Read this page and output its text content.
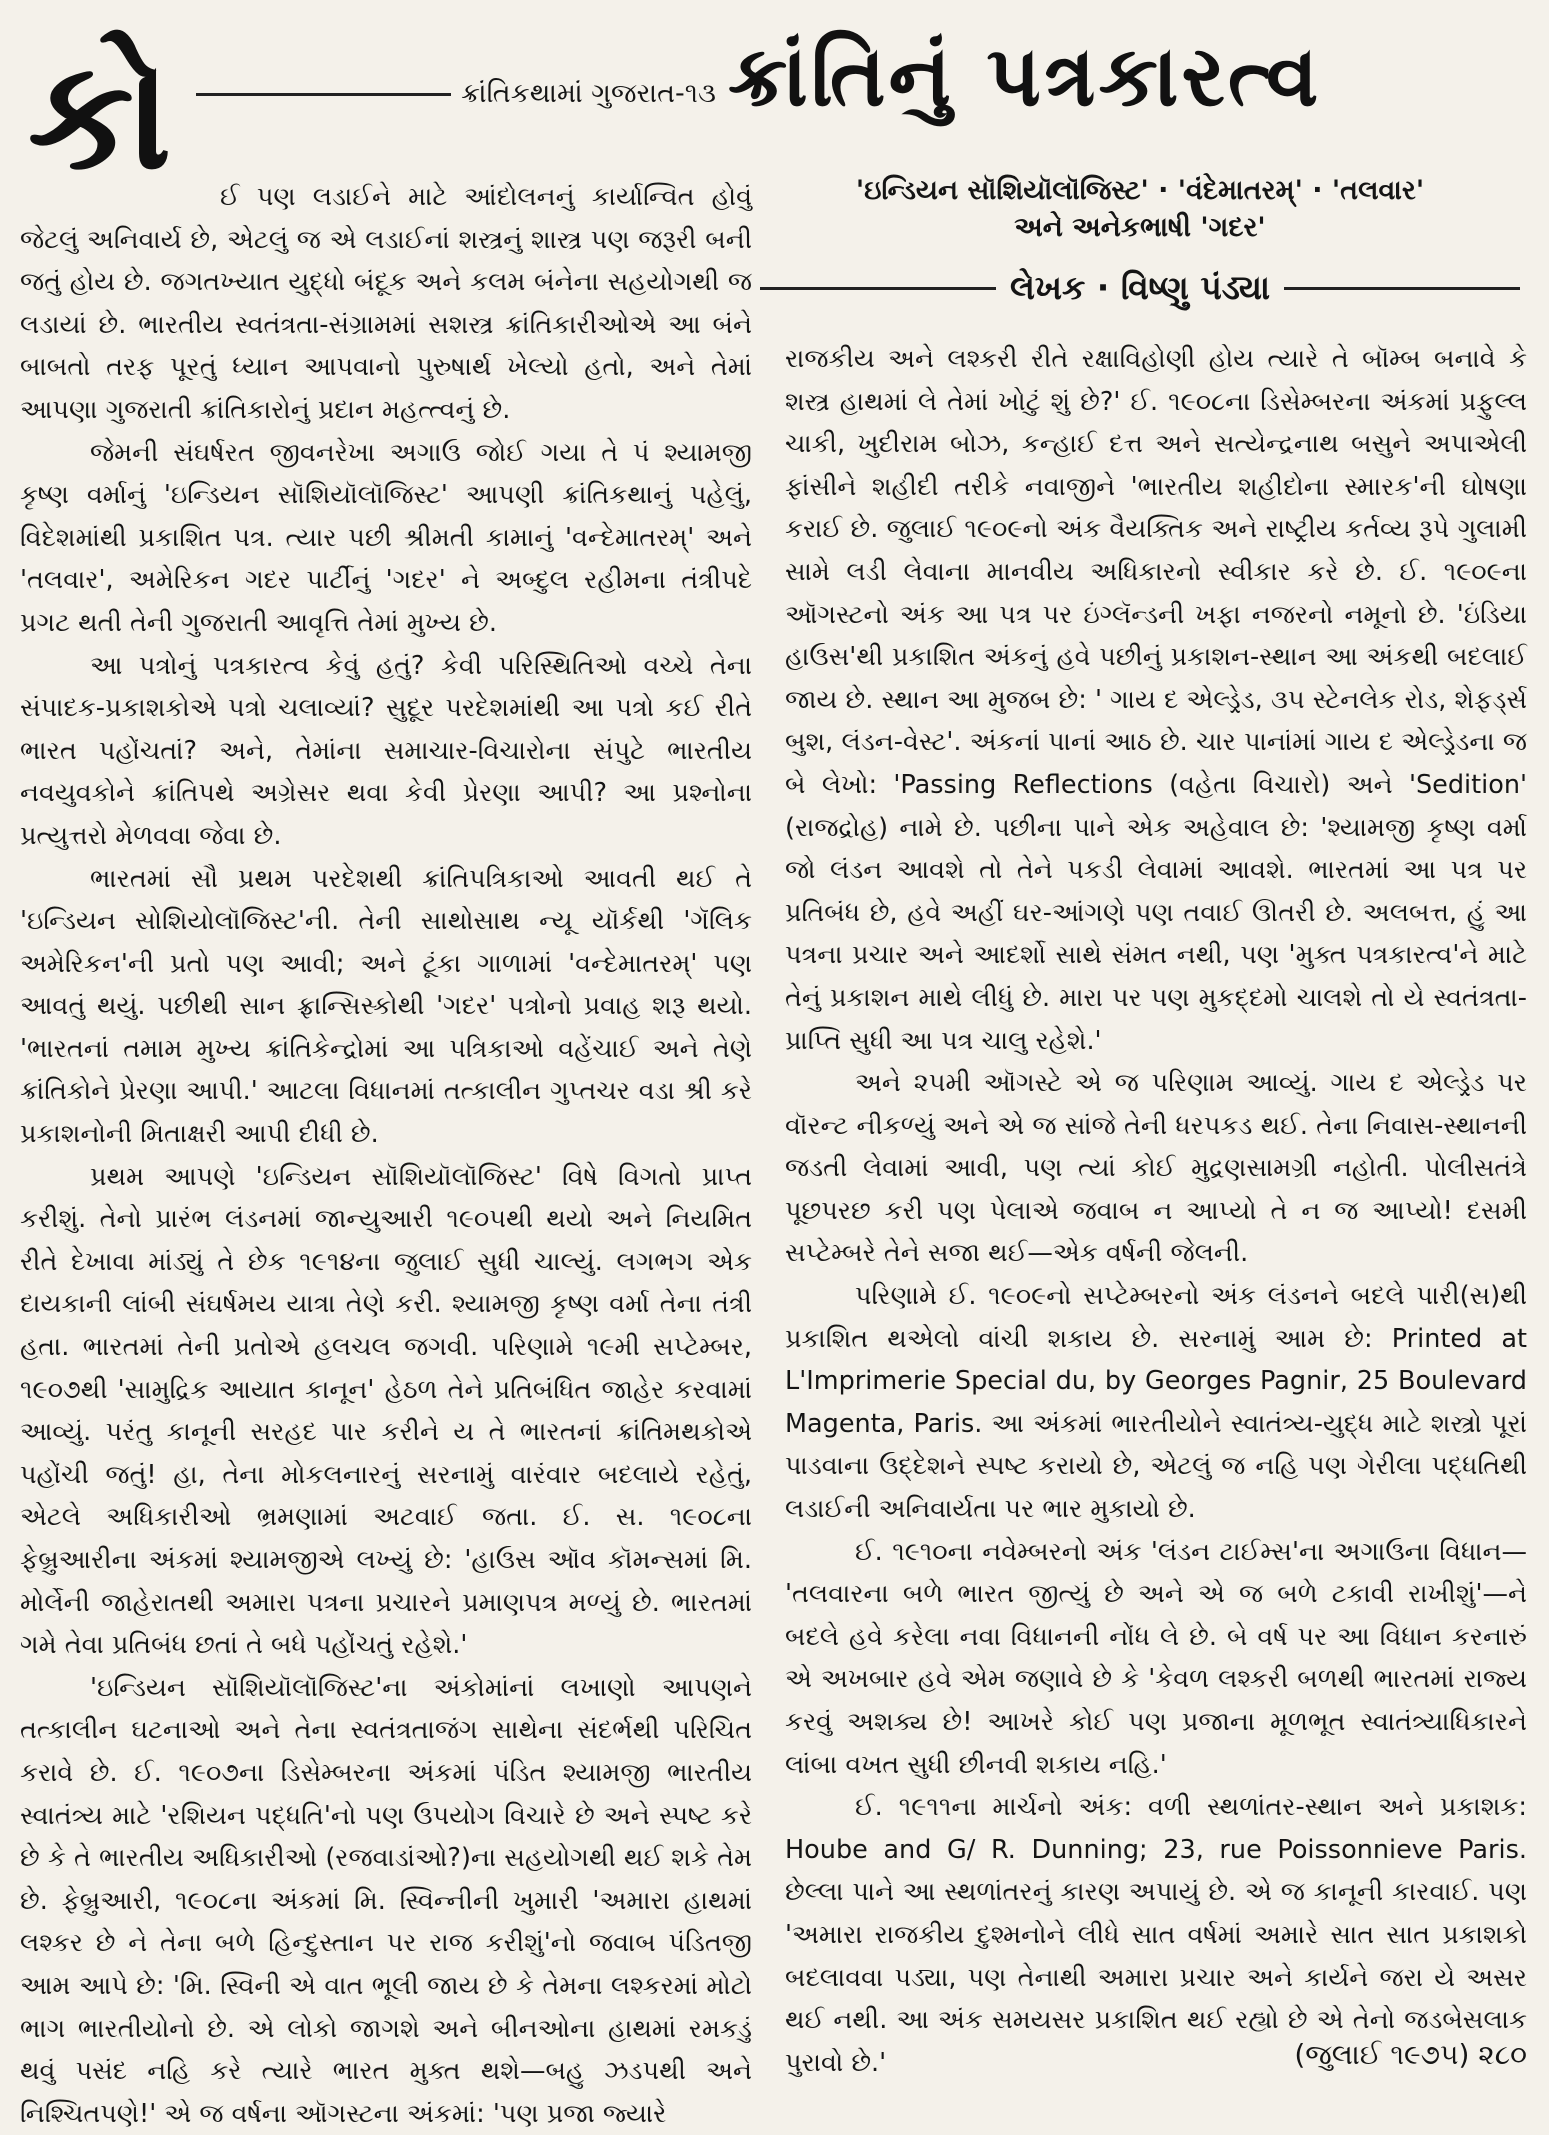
કો	ક્રાંતિકથામાં ગુજરાત-૧૩ ક્રાંતિનું પત્રકારત્વ
'ઇન્ડિયન સૉશિયૉલૉજિસ્ટ' · 'વંદેમાતરમ્‌' · 'તલવાર'
અને અનેકભાષી 'ગદર'
લેખક · વિષ્ણુ પંડ્યા

ઈ પણ લડાઈને માટે આંદોલનનું કાર્યાન્વિત હોવું જેટલું અનિવાર્ય છે, એટલું જ એ લડાઈનાં શસ્ત્રનું શાસ્ત્ર પણ જરૂરી બની જતું હોય છે. જગતખ્યાત યુદ્ધો બંદૂક અને કલમ બંનેના સહયોગથી જ લડાયાં છે. ભારતીય સ્વતંત્રતા-સંગ્રામમાં સશસ્ત્ર ક્રાંતિકારીઓએ આ બંને બાબતો તરફ પૂરતું ધ્યાન આપવાનો પુરુષાર્થ ખેલ્યો હતો, અને તેમાં આપણા ગુજરાતી ક્રાંતિકારોનું પ્રદાન મહત્ત્વનું છે.

જેમની સંઘર્ષરત જીવનરેખા અગાઉ જોઈ ગયા તે પં શ્યામજી કૃષ્ણ વર્માનું 'ઇન્ડિયન સૉશિયૉલૉજિસ્ટ' આપણી ક્રાંતિકથાનું પહેલું, વિદેશમાંથી પ્રકાશિત પત્ર. ત્યાર પછી શ્રીમતી કામાનું 'વન્દેમાતરમ્‌' અને 'તલવાર', અમેરિકન ગદર પાર્ટીનું 'ગદર' ને અબ્દુલ રહીમના તંત્રીપદે પ્રગટ થતી તેની ગુજરાતી આવૃત્તિ તેમાં મુખ્ય છે.

આ પત્રોનું પત્રકારત્વ કેવું હતું? કેવી પરિસ્થિતિઓ વચ્ચે તેના સંપાદક-પ્રકાશકોએ પત્રો ચલાવ્યાં? સુદૂર પરદેશમાંથી આ પત્રો કઈ રીતે ભારત પહોંચતાં? અને, તેમાંના સમાચાર-વિચારોના સંપુટે ભારતીય નવયુવકોને ક્રાંતિપથે અગ્રેસર થવા કેવી પ્રેરણા આપી? આ પ્રશ્નોના પ્રત્યુત્તરો મેળવવા જેવા છે.

ભારતમાં સૌ પ્રથમ પરદેશથી ક્રાંતિપત્રિકાઓ આવતી થઈ તે 'ઇન્ડિયન સોશિયોલૉજિસ્ટ'ની. તેની સાથોસાથ ન્યૂ યૉર્કથી 'ગૅલિક અમેરિકન'ની પ્રતો પણ આવી; અને ટૂંકા ગાળામાં 'વન્દેમાતરમ્‌' પણ આવતું થયું. પછીથી સાન ફ્રાન્સિસ્કોથી 'ગદર' પત્રોનો પ્રવાહ શરૂ થયો. 'ભારતનાં તમામ મુખ્ય ક્રાંતિકેન્દ્રોમાં આ પત્રિકાઓ વહેંચાઈ અને તેણે ક્રાંતિકોને પ્રેરણા આપી.' આટલા વિધાનમાં તત્કાલીન ગુપ્તચર વડા શ્રી કરે પ્રકાશનોની મિતાક્ષરી આપી દીધી છે.

પ્રથમ આપણે 'ઇન્ડિયન સૉશિયૉલૉજિસ્ટ' વિષે વિગતો પ્રાપ્ત કરીશું. તેનો પ્રારંભ લંડનમાં જાન્યુઆરી ૧૯૦૫થી થયો અને નિયમિત રીતે દેખાવા માંડ્યું તે છેક ૧૯૧૪ના જુલાઈ સુધી ચાલ્યું. લગભગ એક દાયકાની લાંબી સંઘર્ષમય યાત્રા તેણે કરી. શ્યામજી કૃષ્ણ વર્મા તેના તંત્રી હતા. ભારતમાં તેની પ્રતોએ હલચલ જગવી. પરિણામે ૧૯મી સપ્ટેમ્બર, ૧૯૦૭થી 'સામુદ્રિક આયાત કાનૂન' હેઠળ તેને પ્રતિબંધિત જાહેર કરવામાં આવ્યું. પરંતુ કાનૂની સરહદ પાર કરીને ય તે ભારતનાં ક્રાંતિમથકોએ પહોંચી જતું! હા, તેના મોકલનારનું સરનામું વારંવાર બદલાયે રહેતું, એટલે અધિકારીઓ ભ્રમણામાં અટવાઈ જતા. ઈ. સ. ૧૯૦૮ના ફેબ્રુઆરીના અંકમાં શ્યામજીએ લખ્યું છે: 'હાઉસ ઑવ કૉમન્સમાં મિ. મોર્લેની જાહેરાતથી અમારા પત્રના પ્રચારને પ્રમાણપત્ર મળ્યું છે. ભારતમાં ગમે તેવા પ્રતિબંધ છતાં તે બધે પહોંચતું રહેશે.'

'ઇન્ડિયન સૉશિયૉલૉજિસ્ટ'ના અંકોમાંનાં લખાણો આપણને તત્કાલીન ઘટનાઓ અને તેના સ્વતંત્રતાજંગ સાથેના સંદર્ભથી પરિચિત કરાવે છે. ઈ. ૧૯૦૭ના ડિસેમ્બરના અંકમાં પંડિત શ્યામજી ભારતીય સ્વાતંત્ર્ય માટે 'રશિયન પદ્ધતિ'નો પણ ઉપયોગ વિચારે છે અને સ્પષ્ટ કરે છે કે તે ભારતીય અધિકારીઓ (રજવાડાંઓ?)ના સહયોગથી થઈ શકે તેમ છે. ફેબ્રુઆરી, ૧૯૦૮ના અંકમાં મિ. સ્વિન્નીની ખુમારી 'અમારા હાથમાં લશ્કર છે ને તેના બળે હિન્દુસ્તાન પર રાજ કરીશું'નો જવાબ પંડિતજી આમ આપે છે: 'મિ. સ્વિની એ વાત ભૂલી જાય છે કે તેમના લશ્કરમાં મોટો ભાગ ભારતીયોનો છે. એ લોકો જાગશે અને બીનઓના હાથમાં રમકડું થવું પસંદ નહિ કરે ત્યારે ભારત મુક્ત થશે—બહુ ઝડપથી અને નિશ્ચિતપણે!' એ જ વર્ષના ઑગસ્ટના અંકમાં: 'પણ પ્રજા જ્યારે

રાજકીય અને લશ્કરી રીતે રક્ષાવિહોણી હોય ત્યારે તે બૉમ્બ બનાવે કે શસ્ત્ર હાથમાં લે તેમાં ખોટું શું છે?' ઈ. ૧૯૦૮ના ડિસેમ્બરના અંકમાં પ્રફુલ્લ ચાકી, ખુદીરામ બોઝ, કન્હાઈ દત્ત અને સત્યેન્દ્રનાથ બસુને અપાએલી ફાંસીને શહીદી તરીકે નવાજીને 'ભારતીય શહીદોના સ્મારક'ની ઘોષણા કરાઈ છે. જુલાઈ ૧૯૦૯નો અંક વૈયક્તિક અને રાષ્ટ્રીય કર્તવ્ય રૂપે ગુલામી સામે લડી લેવાના માનવીય અધિકારનો સ્વીકાર કરે છે. ઈ. ૧૯૦૯ના ઑગસ્ટનો અંક આ પત્ર પર ઇંગ્લૅન્ડની ખફા નજરનો નમૂનો છે. 'ઇંડિયા હાઉસ'થી પ્રકાશિત અંકનું હવે પછીનું પ્રકાશન-સ્થાન આ અંકથી બદલાઈ જાય છે. સ્થાન આ મુજબ છે: ' ગાય દ એલ્ડ્રેડ, ૩૫ સ્ટેનલેક રોડ, શેફર્ડ્સ બુશ, લંડન-વેસ્ટ'. અંકનાં પાનાં આઠ છે. ચાર પાનાંમાં ગાય દ એલ્ડ્રેડના જ બે લેખો: 'Passing Reflections (વહેતા વિચારો) અને 'Sedition' (રાજદ્રોહ) નામે છે. પછીના પાને એક અહેવાલ છે: 'શ્યામજી કૃષ્ણ વર્મા જો લંડન આવશે તો તેને પકડી લેવામાં આવશે. ભારતમાં આ પત્ર પર પ્રતિબંધ છે, હવે અહીં ઘર-આંગણે પણ તવાઈ ઊતરી છે. અલબત્ત, હું આ પત્રના પ્રચાર અને આદર્શો સાથે સંમત નથી, પણ 'મુક્ત પત્રકારત્વ'ને માટે તેનું પ્રકાશન માથે લીધું છે. મારા પર પણ મુકદ્દમો ચાલશે તો યે સ્વતંત્રતા-પ્રાપ્તિ સુધી આ પત્ર ચાલુ રહેશે.'

અને ૨૫મી ઑગસ્ટે એ જ પરિણામ આવ્યું. ગાય દ એલ્ડ્રેડ પર વૉરન્ટ નીકળ્યું અને એ જ સાંજે તેની ધરપકડ થઈ. તેના નિવાસ-સ્થાનની જડતી લેવામાં આવી, પણ ત્યાં કોઈ મુદ્રણસામગ્રી નહોતી. પોલીસતંત્રે પૂછપરછ કરી પણ પેલાએ જવાબ ન આપ્યો તે ન જ આપ્યો! દસમી સપ્ટેમ્બરે તેને સજા થઈ—એક વર્ષની જેલની.

પરિણામે ઈ. ૧૯૦૯નો સપ્ટેમ્બરનો અંક લંડનને બદલે પારી(સ)થી પ્રકાશિત થએલો વાંચી શકાય છે. સરનામું આમ છે: Printed at L'Imprimerie Special du, by Georges Pagnir, 25 Boulevard Magenta, Paris. આ અંકમાં ભારતીયોને સ્વાતંત્ર્ય-યુદ્ધ માટે શસ્ત્રો પૂરાં પાડવાના ઉદ્દેશને સ્પષ્ટ કરાયો છે, એટલું જ નહિ પણ ગેરીલા પદ્ધતિથી લડાઈની અનિવાર્યતા પર ભાર મુકાયો છે.

ઈ. ૧૯૧૦ના નવેમ્બરનો અંક 'લંડન ટાઈમ્સ'ના અગાઉના વિધાન— 'તલવારના બળે ભારત જીત્યું છે અને એ જ બળે ટકાવી રાખીશું'—ને બદલે હવે કરેલા નવા વિધાનની નોંધ લે છે. બે વર્ષ પર આ વિધાન કરનારું એ અખબાર હવે એમ જણાવે છે કે 'કેવળ લશ્કરી બળથી ભારતમાં રાજ્ય કરવું અશક્ય છે! આખરે કોઈ પણ પ્રજાના મૂળભૂત સ્વાતંત્ર્યાધિકારને લાંબા વખત સુધી છીનવી શકાય નહિ.'

ઈ. ૧૯૧૧ના માર્ચનો અંક: વળી સ્થળાંતર-સ્થાન અને પ્રકાશક: Hoube and G/ R. Dunning; 23, rue Poissonnieve Paris. છેલ્લા પાને આ સ્થળાંતરનું કારણ અપાયું છે. એ જ કાનૂની કારવાઈ. પણ 'અમારા રાજકીય દુશ્મનોને લીધે સાત વર્ષમાં અમારે સાત સાત પ્રકાશકો બદલાવવા પડ્યા, પણ તેનાથી અમારા પ્રચાર અને કાર્યને જરા યે અસર થઈ નથી. આ અંક સમયસર પ્રકાશિત થઈ રહ્યો છે એ તેનો જડબેસલાક પુરાવો છે.'	(જુલાઈ ૧૯૭૫) ૨૮૦
